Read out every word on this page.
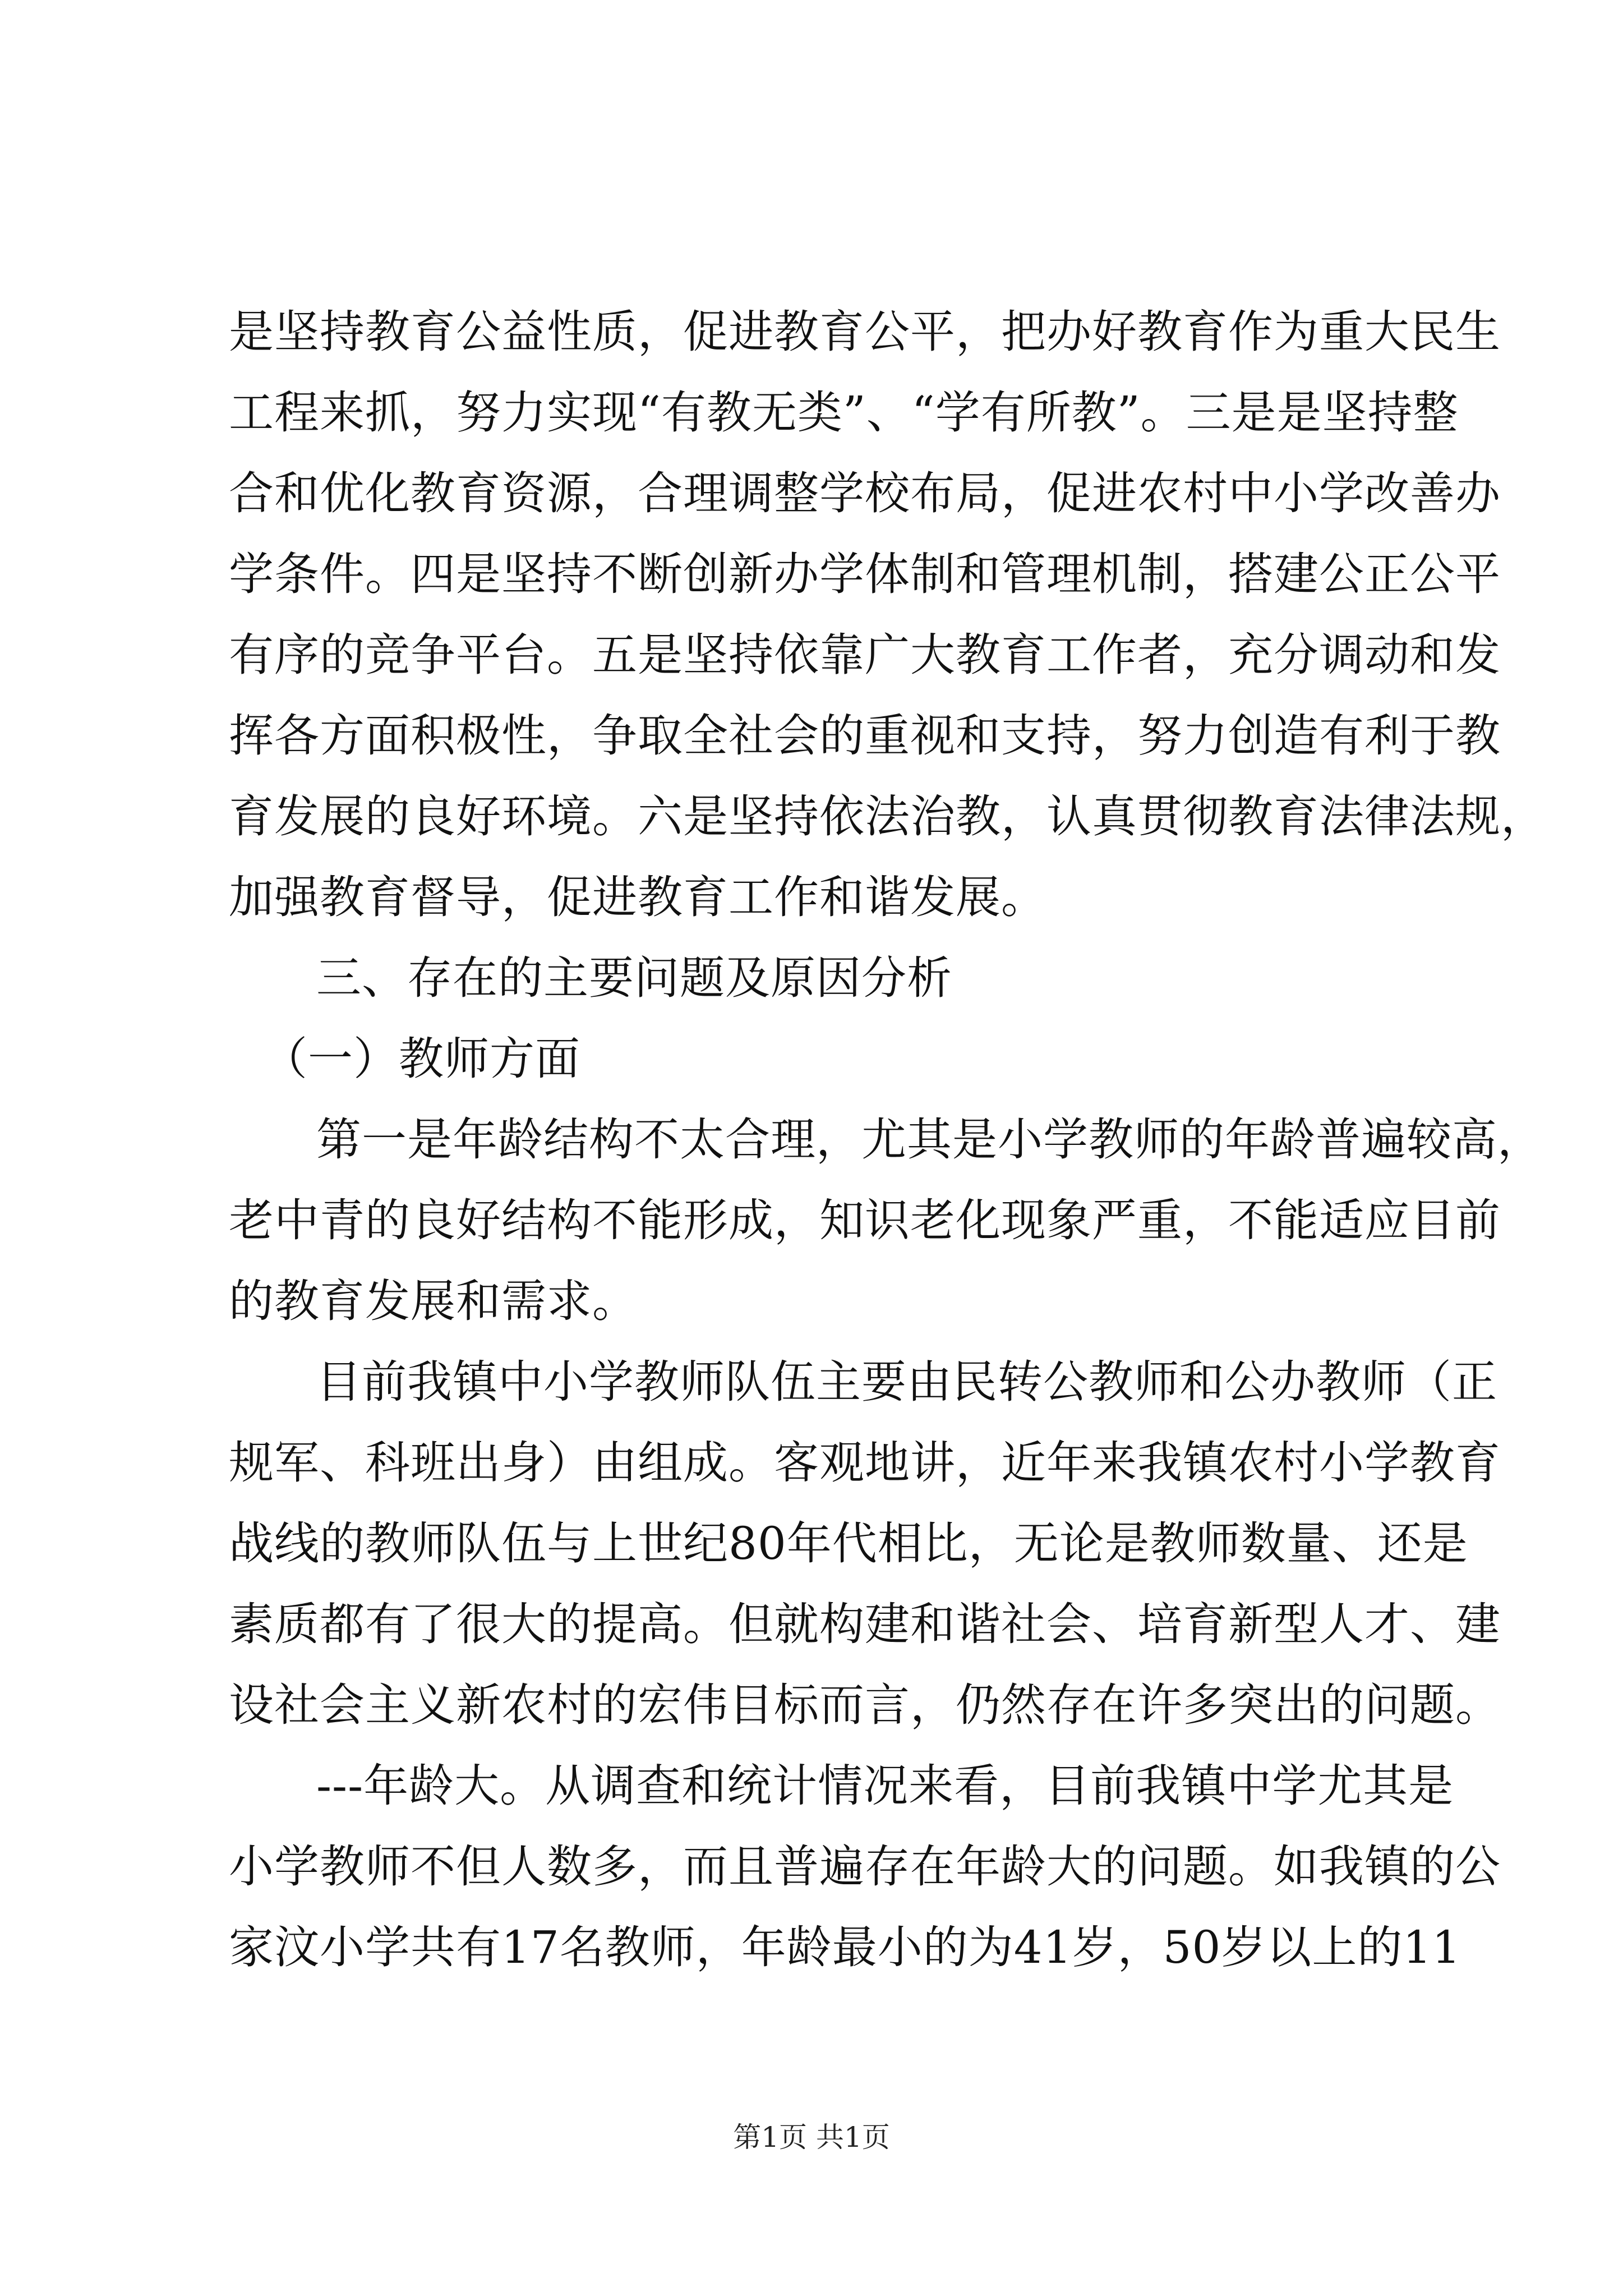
是坚持教育公益性质，促进教育公平，把办好教育作为重大民生
工程来抓，努力实现“有教无类”、“学有所教”。三是是坚持整
合和优化教育资源，合理调整学校布局，促进农村中小学改善办
学条件。四是坚持不断创新办学体制和管理机制，搭建公正公平
有序的竞争平台。五是坚持依靠广大教育工作者，充分调动和发
挥各方面积极性，争取全社会的重视和支持，努力创造有利于教
育发展的良好环境。六是坚持依法治教，认真贯彻教育法律法规，
加强教育督导，促进教育工作和谐发展。
三、存在的主要问题及原因分析
（一）教师方面
第一是年龄结构不太合理，尤其是小学教师的年龄普遍较高，
老中青的良好结构不能形成，知识老化现象严重，不能适应目前
的教育发展和需求。
目前我镇中小学教师队伍主要由民转公教师和公办教师（正
规军、科班出身）由组成。客观地讲，近年来我镇农村小学教育
战线的教师队伍与上世纪80年代相比，无论是教师数量、还是
素质都有了很大的提高。但就构建和谐社会、培育新型人才、建
设社会主义新农村的宏伟目标而言，仍然存在许多突出的问题。
---年龄大。从调查和统计情况来看，目前我镇中学尤其是
小学教师不但人数多，而且普遍存在年龄大的问题。如我镇的公
家汶小学共有17名教师，年龄最小的为41岁，50岁以上的11
第1页 共1页
